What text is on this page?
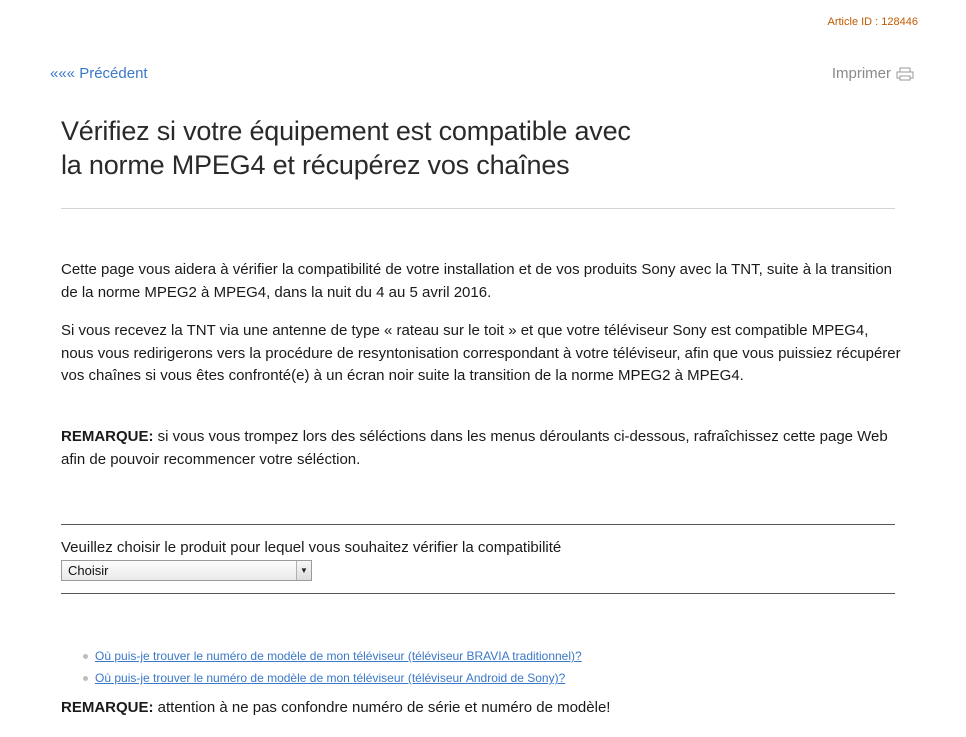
Article ID : 128446
««« Précédent	Imprimer
Vérifiez si votre équipement est compatible avec
la norme MPEG4 et récupérez vos chaînes

Cette page vous aidera à vérifier la compatibilité de votre installation et de vos produits Sony avec la TNT, suite à la transition de la norme MPEG2 à MPEG4, dans la nuit du 4 au 5 avril 2016.

Si vous recevez la TNT via une antenne de type « rateau sur le toit » et que votre téléviseur Sony est compatible MPEG4, nous vous redirigerons vers la procédure de resyntonisation correspondant à votre téléviseur, afin que vous puissiez récupérer vos chaînes si vous êtes confronté(e) à un écran noir suite la transition de la norme MPEG2 à MPEG4.

REMARQUE: si vous vous trompez lors des séléctions dans les menus déroulants ci-dessous, rafraîchissez cette page Web afin de pouvoir recommencer votre séléction.

Veuillez choisir le produit pour lequel vous souhaitez vérifier la compatibilité
Choisir	▼
Où puis-je trouver le numéro de modèle de mon téléviseur (téléviseur BRAVIA traditionnel)?
Où puis-je trouver le numéro de modèle de mon téléviseur (téléviseur Android de Sony)?
REMARQUE: attention à ne pas confondre numéro de série et numéro de modèle!
